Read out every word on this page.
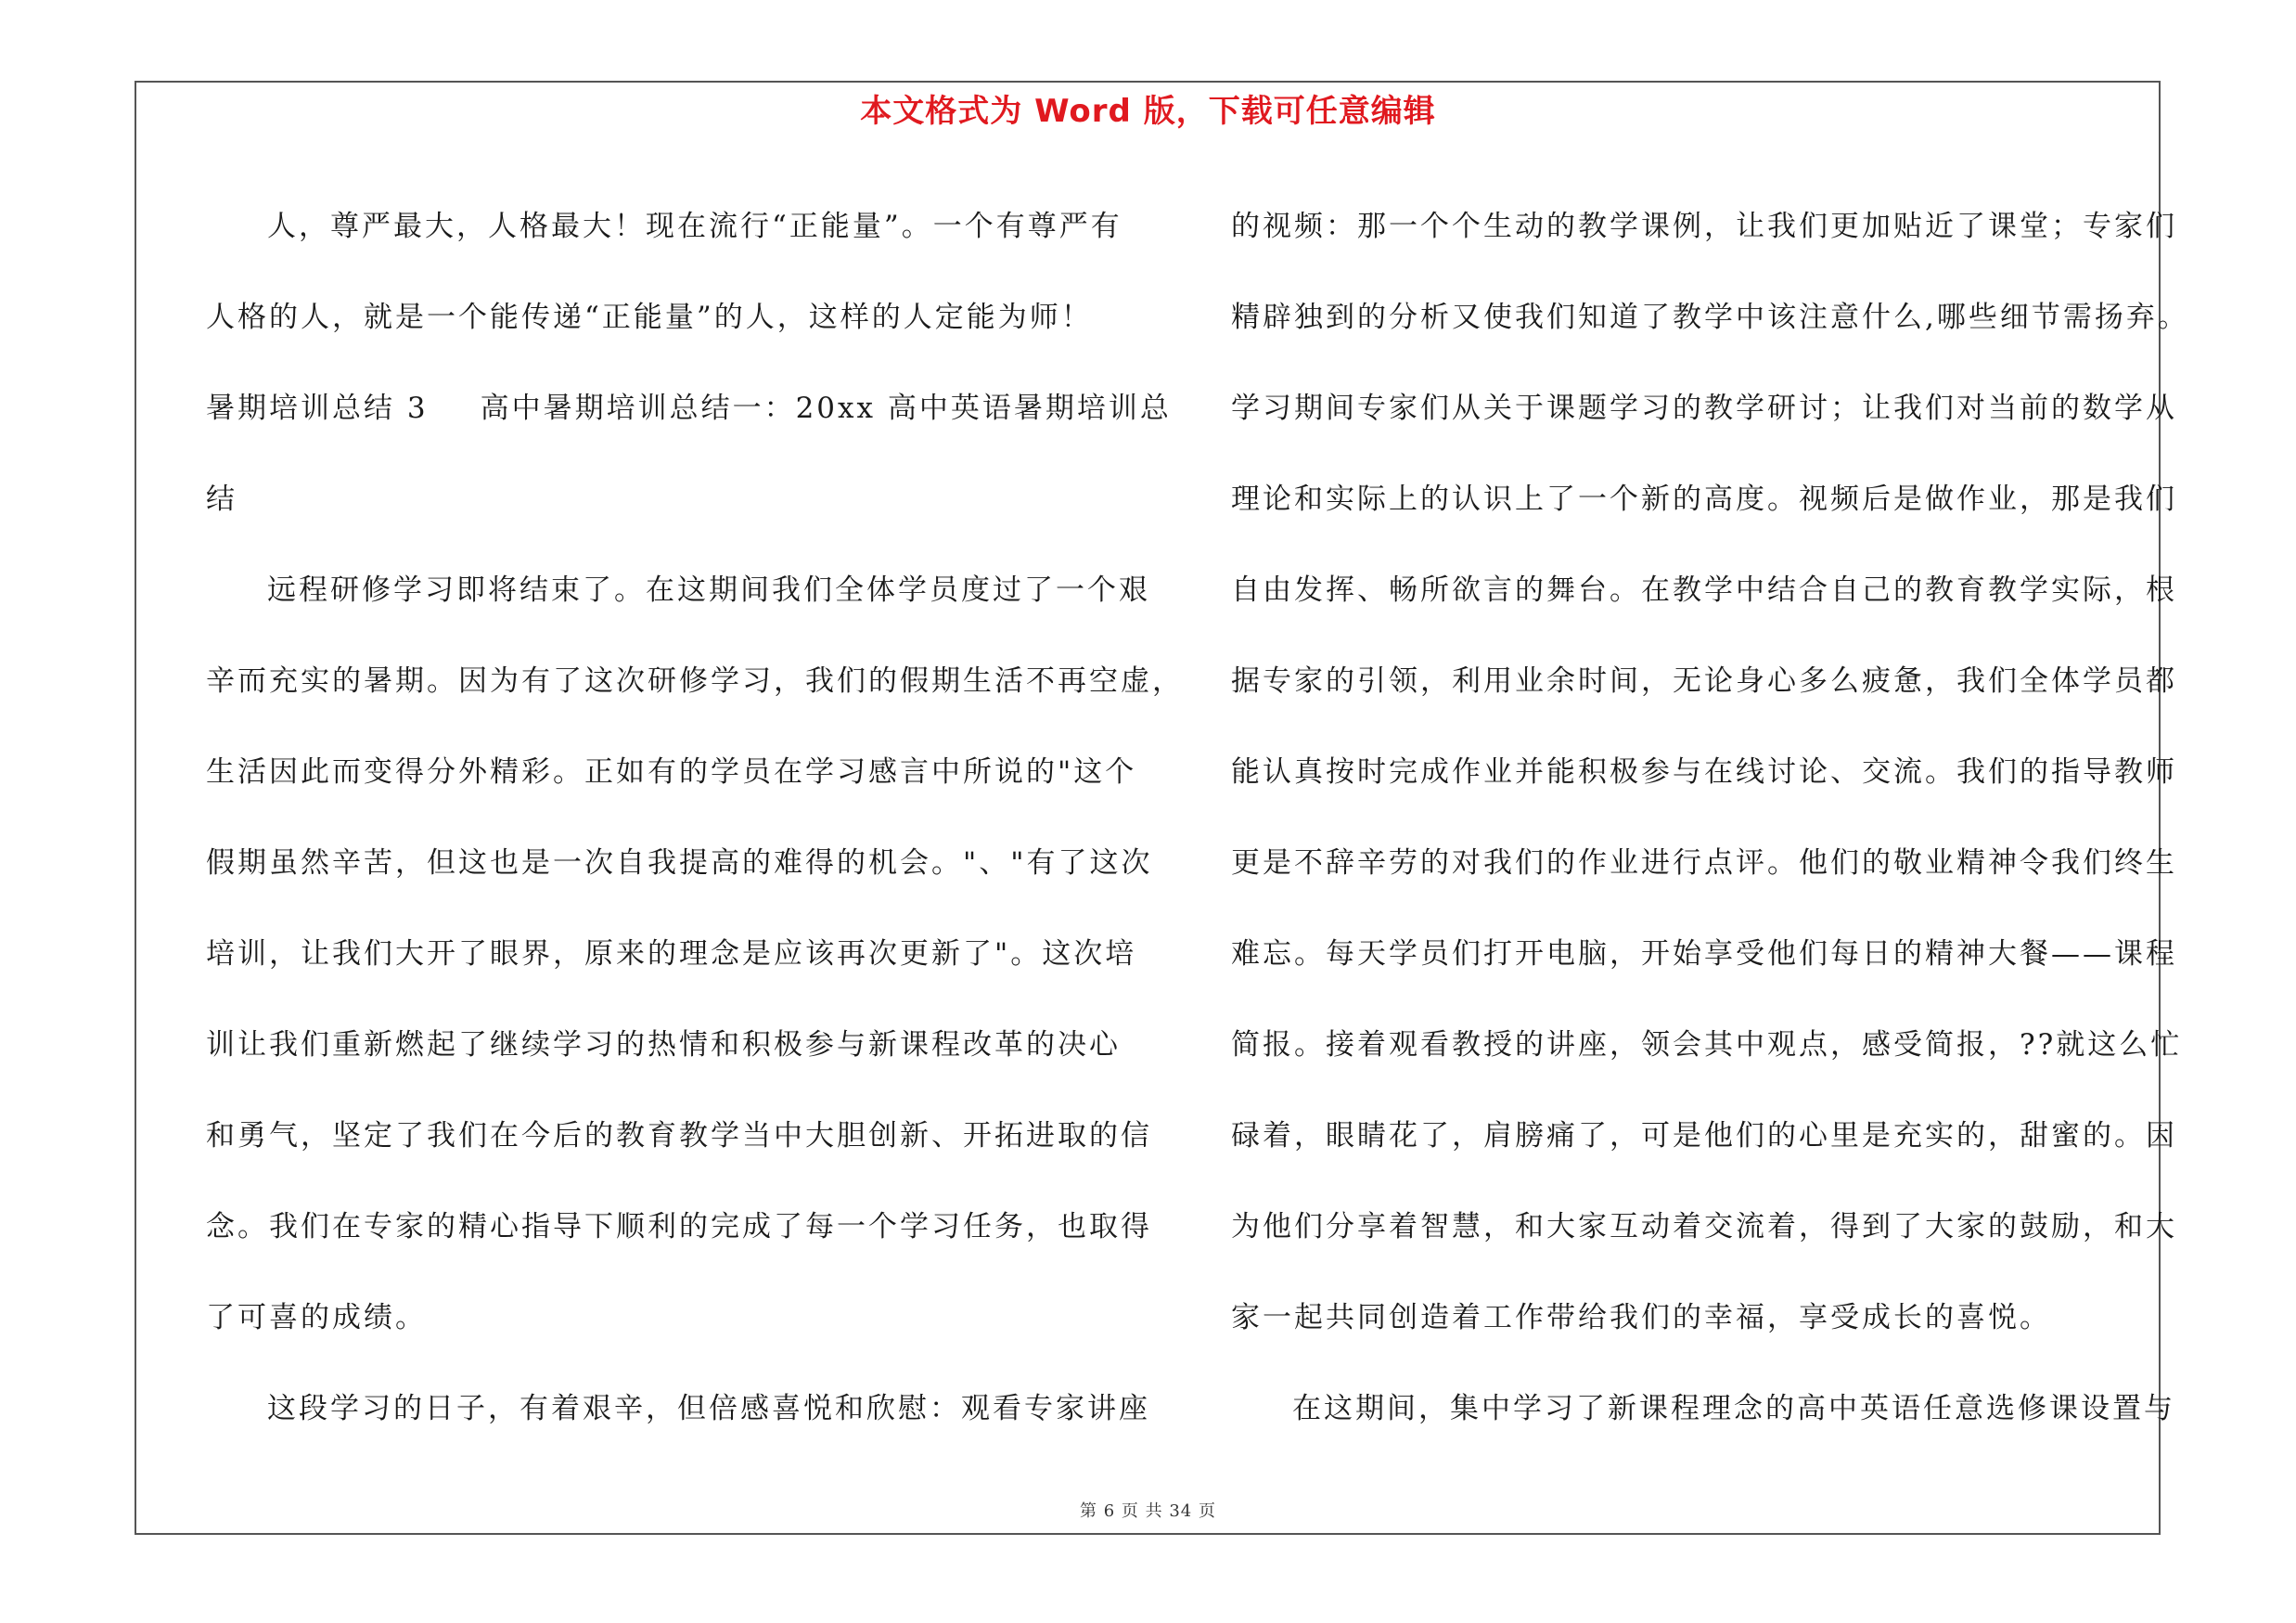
本文格式为 Word 版，下载可任意编辑
人，尊严最大，人格最大！现在流行“正能量”。一个有尊严有
人格的人，就是一个能传递“正能量”的人，这样的人定能为师！
暑期培训总结 3 高中暑期培训总结一：20xx 高中英语暑期培训总
结
远程研修学习即将结束了。在这期间我们全体学员度过了一个艰
辛而充实的暑期。因为有了这次研修学习，我们的假期生活不再空虚，
生活因此而变得分外精彩。正如有的学员在学习感言中所说的"这个
假期虽然辛苦，但这也是一次自我提高的难得的机会。"、"有了这次
培训，让我们大开了眼界，原来的理念是应该再次更新了"。这次培
训让我们重新燃起了继续学习的热情和积极参与新课程改革的决心
和勇气，坚定了我们在今后的教育教学当中大胆创新、开拓进取的信
念。我们在专家的精心指导下顺利的完成了每一个学习任务，也取得
了可喜的成绩。
这段学习的日子，有着艰辛，但倍感喜悦和欣慰：观看专家讲座
的视频：那一个个生动的教学课例，让我们更加贴近了课堂；专家们
精辟独到的分析又使我们知道了教学中该注意什么,哪些细节需扬弃。
学习期间专家们从关于课题学习的教学研讨；让我们对当前的数学从
理论和实际上的认识上了一个新的高度。视频后是做作业，那是我们
自由发挥、畅所欲言的舞台。在教学中结合自己的教育教学实际，根
据专家的引领，利用业余时间，无论身心多么疲惫，我们全体学员都
能认真按时完成作业并能积极参与在线讨论、交流。我们的指导教师
更是不辞辛劳的对我们的作业进行点评。他们的敬业精神令我们终生
难忘。每天学员们打开电脑，开始享受他们每日的精神大餐——课程
简报。接着观看教授的讲座，领会其中观点，感受简报，??就这么忙
碌着，眼睛花了，肩膀痛了，可是他们的心里是充实的，甜蜜的。因
为他们分享着智慧，和大家互动着交流着，得到了大家的鼓励，和大
家一起共同创造着工作带给我们的幸福，享受成长的喜悦。
在这期间，集中学习了新课程理念的高中英语任意选修课设置与
第 6 页 共 34 页
